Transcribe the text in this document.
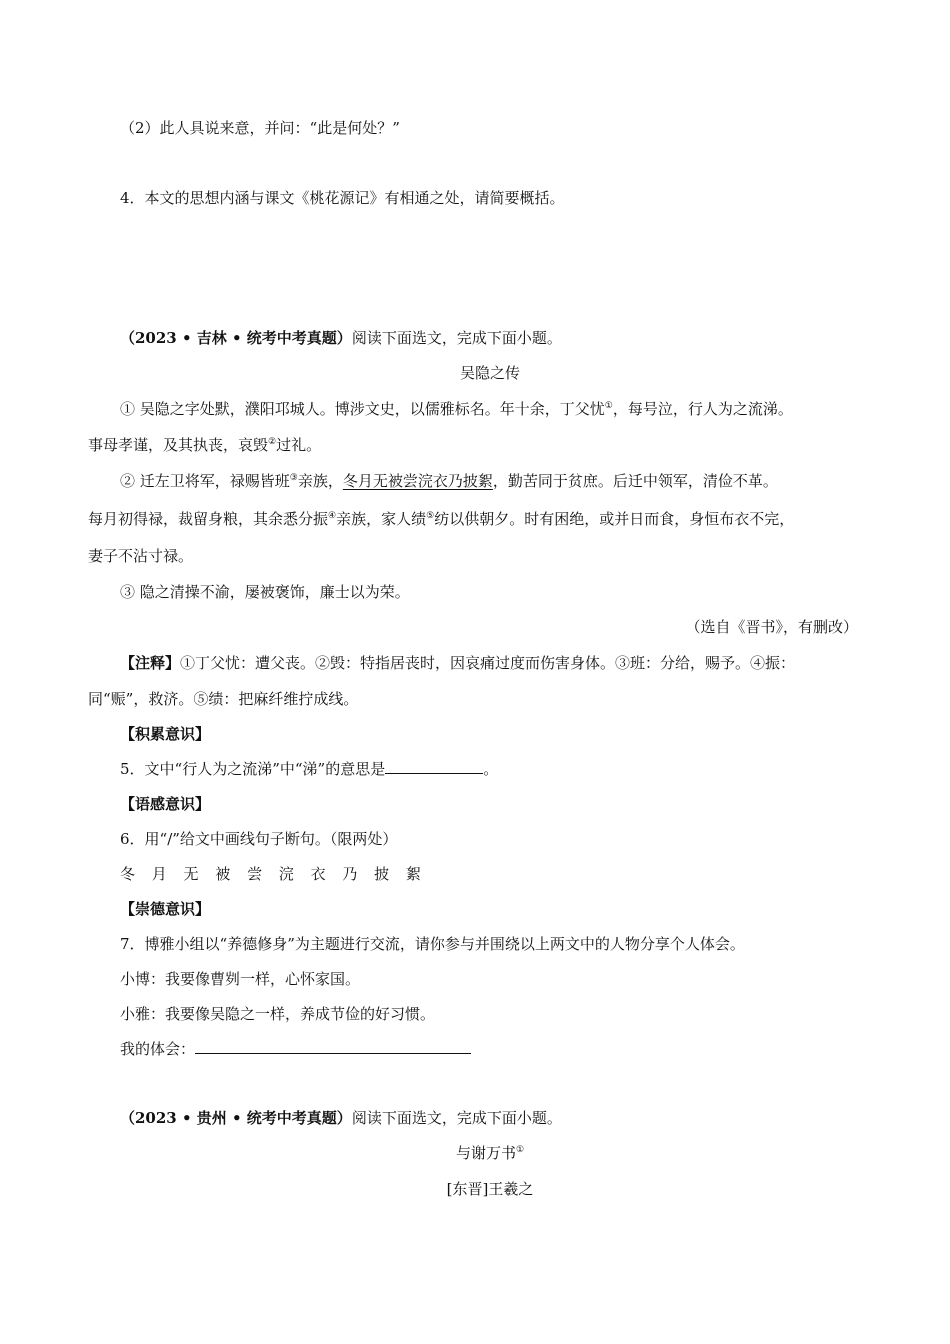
（2）此人具说来意，并问：“此是何处？”
4．本文的思想内涵与课文《桃花源记》有相通之处，请简要概括。
（2023 • 吉林 • 统考中考真题）阅读下面选文，完成下面小题。
吴隐之传
① 吴隐之字处默，濮阳邛城人。博涉文史，以儒雅标名。年十余，丁父忧①，每号泣，行人为之流涕。
事母孝谨，及其执丧，哀毁②过礼。
② 迁左卫将军，禄赐皆班③亲族，冬月无被尝浣衣乃披絮，勤苦同于贫庶。后迁中领军，清俭不革。
每月初得禄，裁留身粮，其余悉分振④亲族，家人绩⑤纺以供朝夕。时有困绝，或并日而食，身恒布衣不完，
妻子不沾寸禄。
③ 隐之清操不渝，屡被褒饰，廉士以为荣。
（选自《晋书》，有删改）
【注释】①丁父忧：遭父丧。②毁：特指居丧时，因哀痛过度而伤害身体。③班：分给，赐予。④振：
同“赈”，救济。⑤绩：把麻纤维拧成线。
【积累意识】
5．文中“行人为之流涕”中“涕”的意思是	。
【语感意识】
6．用“/”给文中画线句子断句。（限两处）
冬 月 无 被 尝 浣 衣 乃 披 絮
【崇德意识】
7．博雅小组以“养德修身”为主题进行交流，请你参与并围绕以上两文中的人物分享个人体会。
小博：我要像曹刿一样，心怀家国。
小雅：我要像吴隐之一样，养成节俭的好习惯。
我的体会：
（2023 • 贵州 • 统考中考真题）阅读下面选文，完成下面小题。
与谢万书①
[东晋]王羲之
